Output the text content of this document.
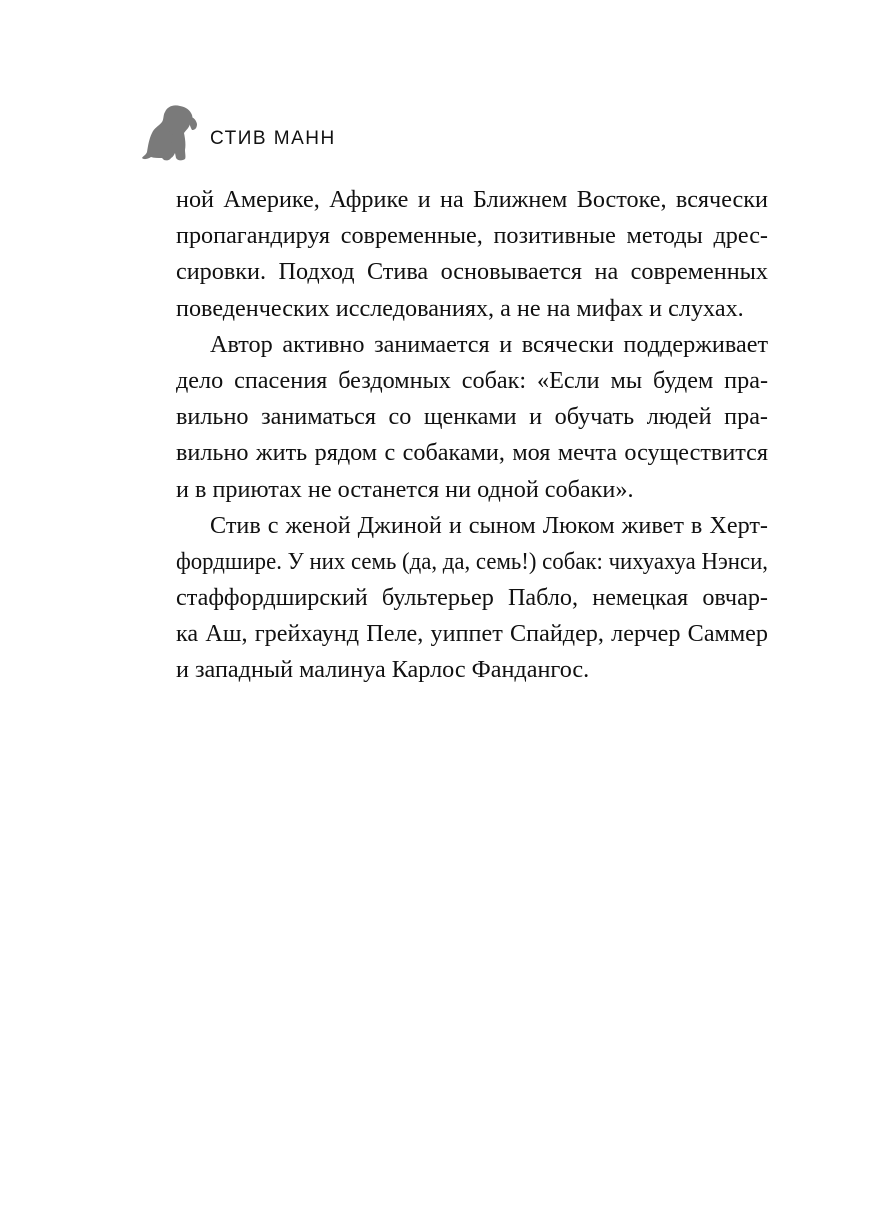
СТИВ МАНН
ной Америке, Африке и на Ближнем Востоке, всячески
пропагандируя современные, позитивные методы дрес-
сировки. Подход Стива основывается на современных
поведенческих исследованиях, а не на мифах и слухах.
Автор активно занимается и всячески поддерживает
дело спасения бездомных собак: «Если мы будем пра-
вильно заниматься со щенками и обучать людей пра-
вильно жить рядом с собаками, моя мечта осуществится
и в приютах не останется ни одной собаки».
Стив с женой Джиной и сыном Люком живет в Херт-
фордшире. У них семь (да, да, семь!) собак: чихуахуа Нэнси,
стаффордширский бультерьер Пабло, немецкая овчар-
ка Аш, грейхаунд Пеле, уиппет Спайдер, лерчер Саммер
и западный малинуа Карлос Фандангос.
